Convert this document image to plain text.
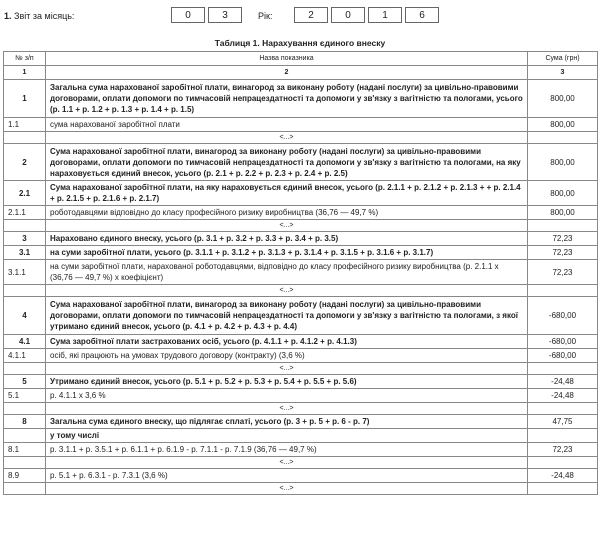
1. Звіт за місяць:	0	3	Рік:	2	0	1	6
Таблиця 1. Нарахування єдиного внеску
№ з/п	Назва показника	Сума (грн)
1	2	3
1	Загальна сума нарахованої заробітної плати, винагород за виконану роботу (надані послуги) за цивільно-правовими договорами, оплати допомоги по тимчасовій непрацездатності та допомоги у зв'язку з вагітністю та пологами, усього (р. 1.1 + р. 1.2 + р. 1.3 + р. 1.4 + р. 1.5)	800,00
1.1	сума нарахованої заробітної плати	800,00
	<...>	
2	Сума нарахованої заробітної плати, винагород за виконану роботу (надані послуги) за цивільно-правовими договорами, оплати допомоги по тимчасовій непрацездатності та допомоги у зв'язку з вагітністю та пологами, на яку нараховується єдиний внесок, усього (р. 2.1 + р. 2.2 + р. 2.3 + р. 2.4 + р. 2.5)	800,00
2.1	Сума нарахованої заробітної плати, на яку нараховується єдиний внесок, усього (р. 2.1.1 + р. 2.1.2 + р. 2.1.3 + + р. 2.1.4 + р. 2.1.5 + р. 2.1.6 + р. 2.1.7)	800,00
2.1.1	роботодавцями відповідно до класу професійного ризику виробництва (36,76 — 49,7 %)	800,00
	<...>	
3	Нараховано єдиного внеску, усього (р. 3.1 + р. 3.2 + р. 3.3 + р. 3.4 + р. 3.5)	72,23
3.1	на суми заробітної плати, усього (р. 3.1.1 + р. 3.1.2 + р. 3.1.3 + р. 3.1.4 + р. 3.1.5 + р. 3.1.6 + р. 3.1.7)	72,23
3.1.1	на суми заробітної плати, нарахованої роботодавцями, відповідно до класу професійного ризику виробництва (р. 2.1.1 х (36,76 — 49,7 %) х коефіцієнт)	72,23
	<...>	
4	Сума нарахованої заробітної плати, винагород за виконану роботу (надані послуги) за цивільно-правовими договорами, оплати допомоги по тимчасовій непрацездатності та допомоги у зв'язку з вагітністю та пологами, з якої утримано єдиний внесок, усього (р. 4.1 + р. 4.2 + р. 4.3 + р. 4.4)	-680,00
4.1	Сума заробітної плати застрахованих осіб, усього (р. 4.1.1 + р. 4.1.2 + р. 4.1.3)	-680,00
4.1.1	осіб, які працюють на умовах трудового договору (контракту) (3,6 %)	-680,00
	<...>	
5	Утримано єдиний внесок, усього (р. 5.1 + р. 5.2 + р. 5.3 + р. 5.4 + р. 5.5 + р. 5.6)	-24,48
5.1	р. 4.1.1 х 3,6 %	-24,48
	<...>	
8	Загальна сума єдиного внеску, що підлягає сплаті, усього (р. 3 + р. 5 + р. 6 - р. 7)	47,75
	у тому числі	
8.1	р. 3.1.1 + р. 3.5.1 + р. 6.1.1 + р. 6.1.9 - р. 7.1.1 - р. 7.1.9 (36,76 — 49,7 %)	72,23
	<...>	
8.9	р. 5.1 + р. 6.3.1 - р. 7.3.1 (3,6 %)	-24,48
	<...>	
